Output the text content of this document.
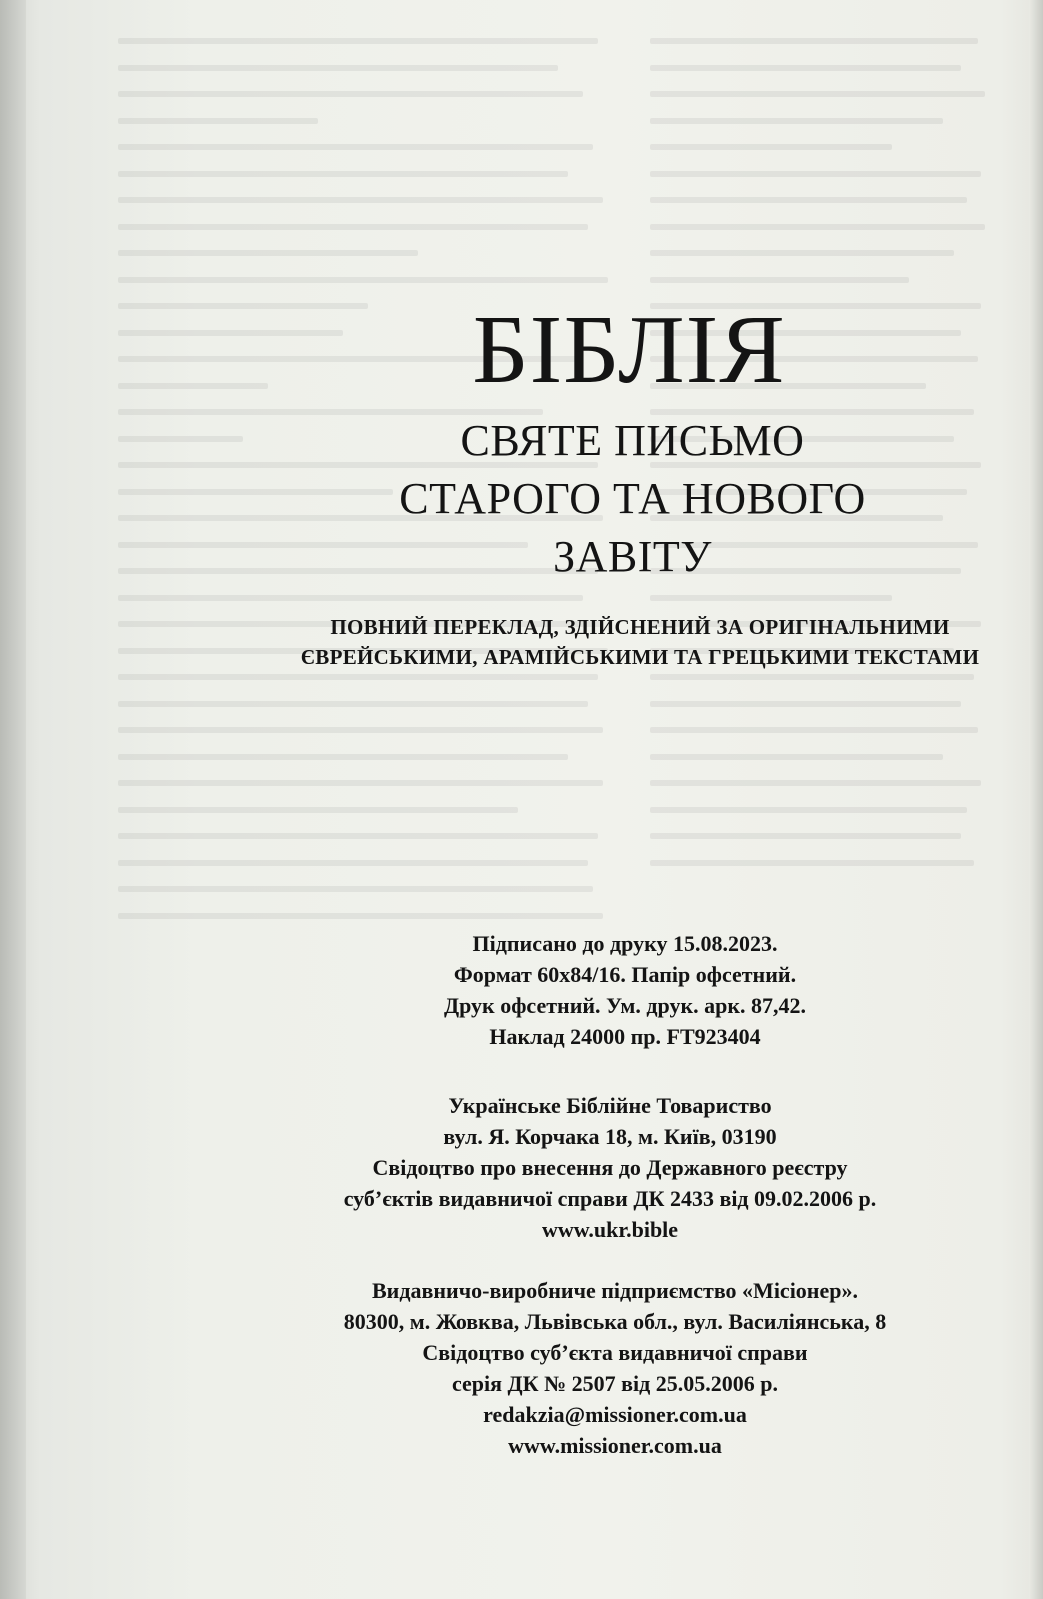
БІБЛІЯ
СВЯТЕ ПИСЬМО
СТАРОГО ТА НОВОГО
ЗАВІТУ
ПОВНИЙ ПЕРЕКЛАД, ЗДІЙСНЕНИЙ ЗА ОРИГІНАЛЬНИМИ
ЄВРЕЙСЬКИМИ, АРАМІЙСЬКИМИ ТА ГРЕЦЬКИМИ ТЕКСТАМИ
Підписано до друку 15.08.2023.
Формат 60х84/16. Папір офсетний.
Друк офсетний. Ум. друк. арк. 87,42.
Наклад 24000 пр. FT923404
Українське Біблійне Товариство
вул. Я. Корчака 18, м. Київ, 03190
Свідоцтво про внесення до Державного реєстру
суб’єктів видавничої справи ДК 2433 від 09.02.2006 р.
www.ukr.bible
Видавничо-виробниче підприємство «Місіонер».
80300, м. Жовква, Львівська обл., вул. Василіянська, 8
Свідоцтво суб’єкта видавничої справи
серія ДК № 2507 від 25.05.2006 р.
redakzia@missioner.com.ua
www.missioner.com.ua
